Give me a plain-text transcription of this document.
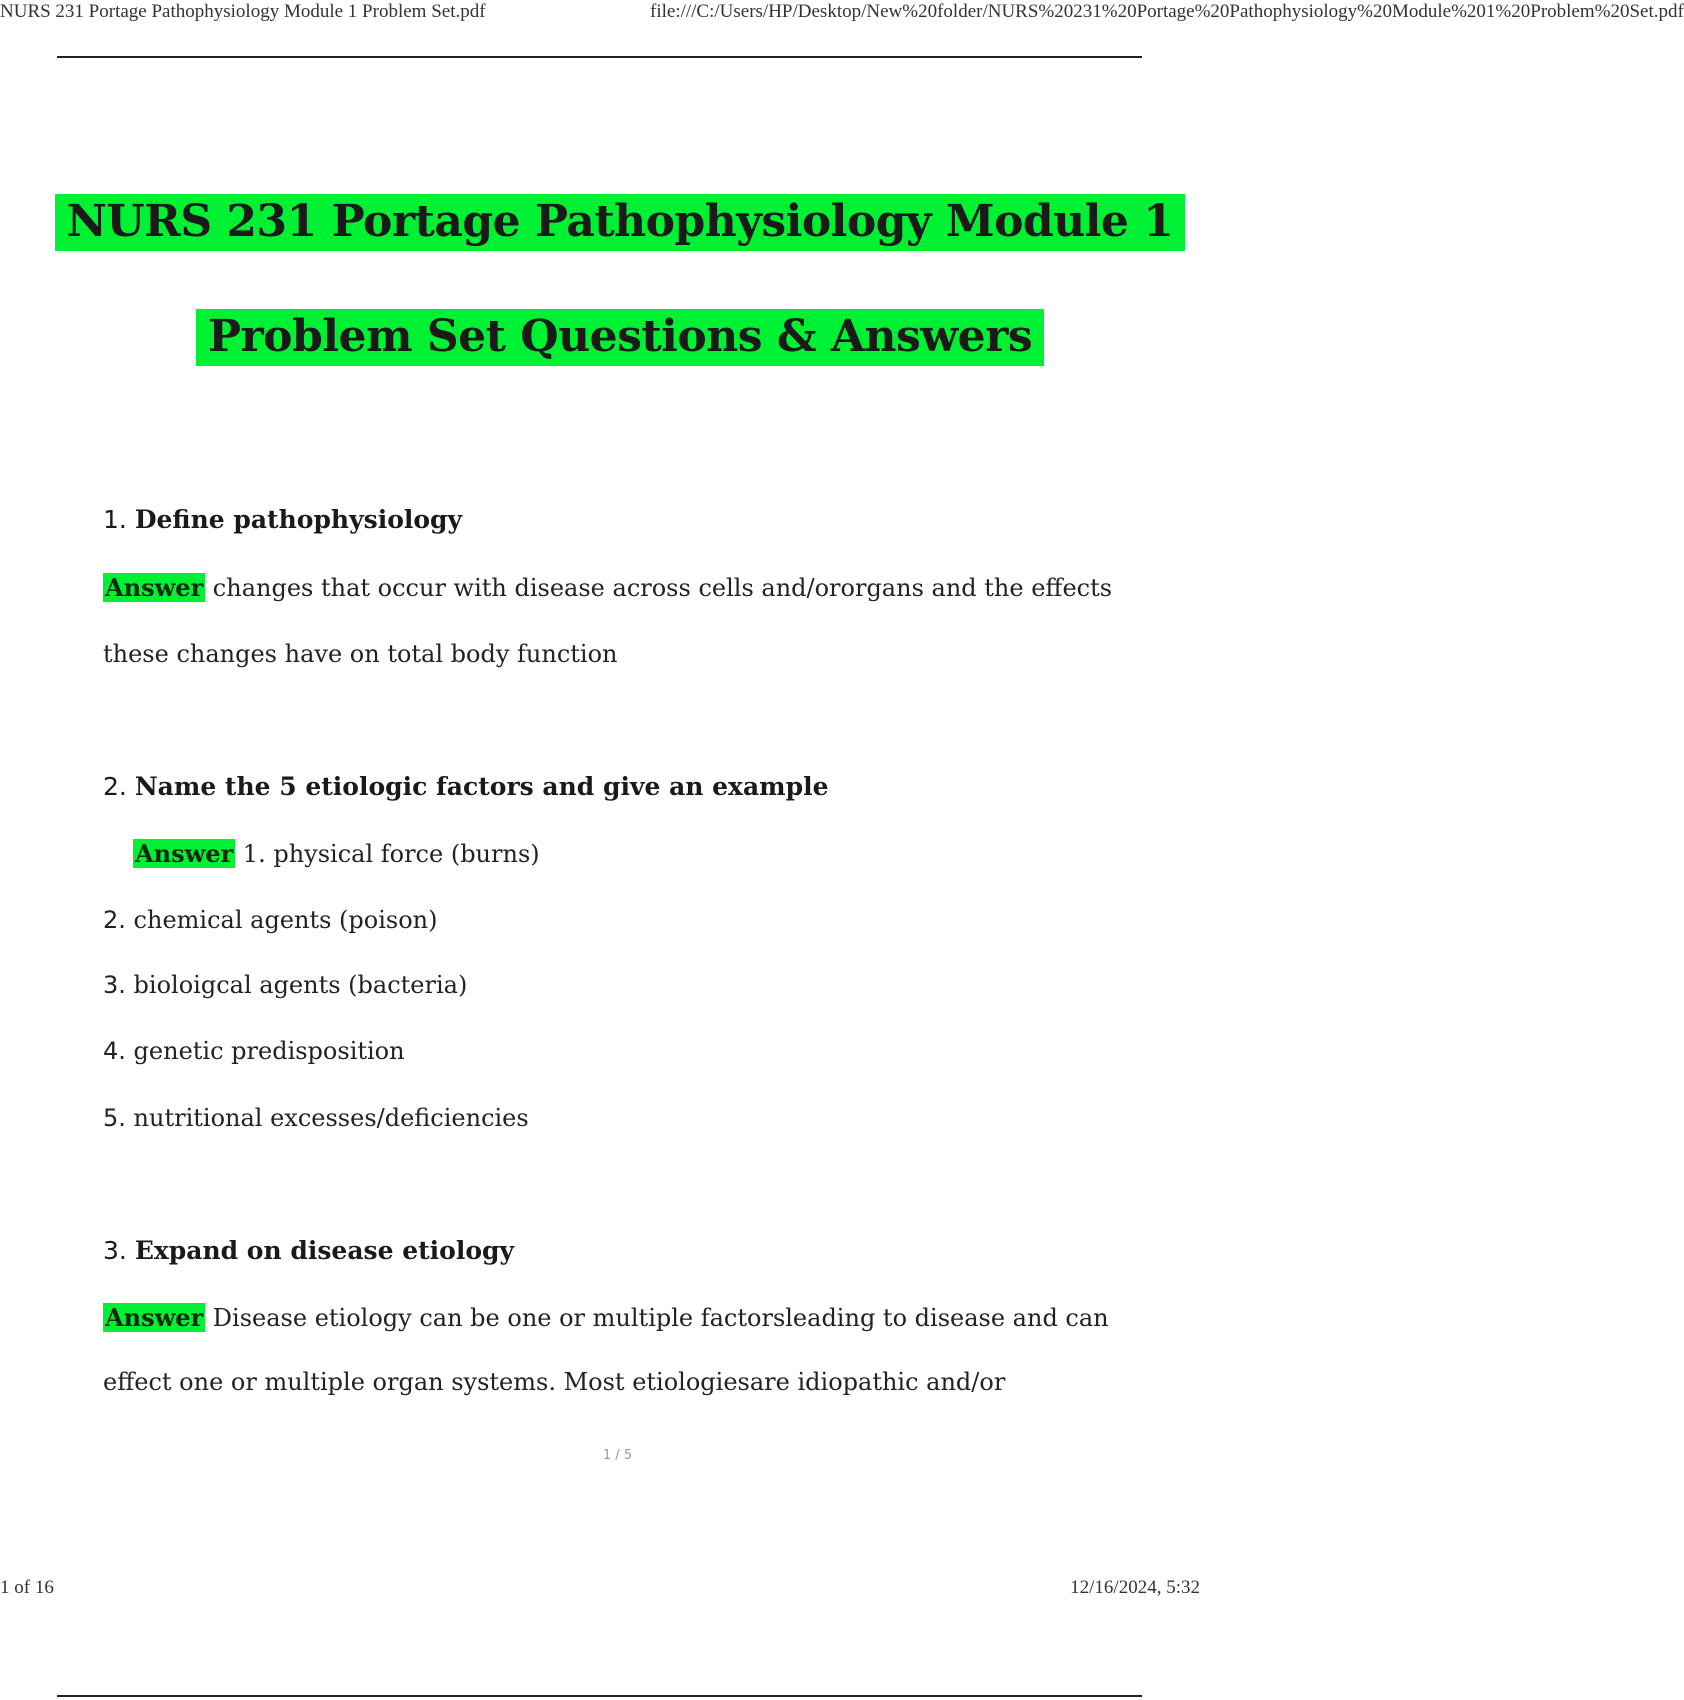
NURS 231 Portage Pathophysiology Module 1 Problem Set.pdf	file:///C:/Users/HP/Desktop/New%20folder/NURS%20231%20Portage%20Pathophysiology%20Module%201%20Problem%20Set.pdf
NURS 231 Portage Pathophysiology Module 1
Problem Set Questions & Answers
1. Define pathophysiology
Answer changes that occur with disease across cells and/ororgans and the effects
these changes have on total body function
2. Name the 5 etiologic factors and give an example
Answer 1. physical force (burns)
2. chemical agents (poison)
3. bioloigcal agents (bacteria)
4. genetic predisposition
5. nutritional excesses/deficiencies
3. Expand on disease etiology
Answer Disease etiology can be one or multiple factorsleading to disease and can
effect one or multiple organ systems. Most etiologiesare idiopathic and/or
1 / 5
1 of 16	12/16/2024, 5:32
